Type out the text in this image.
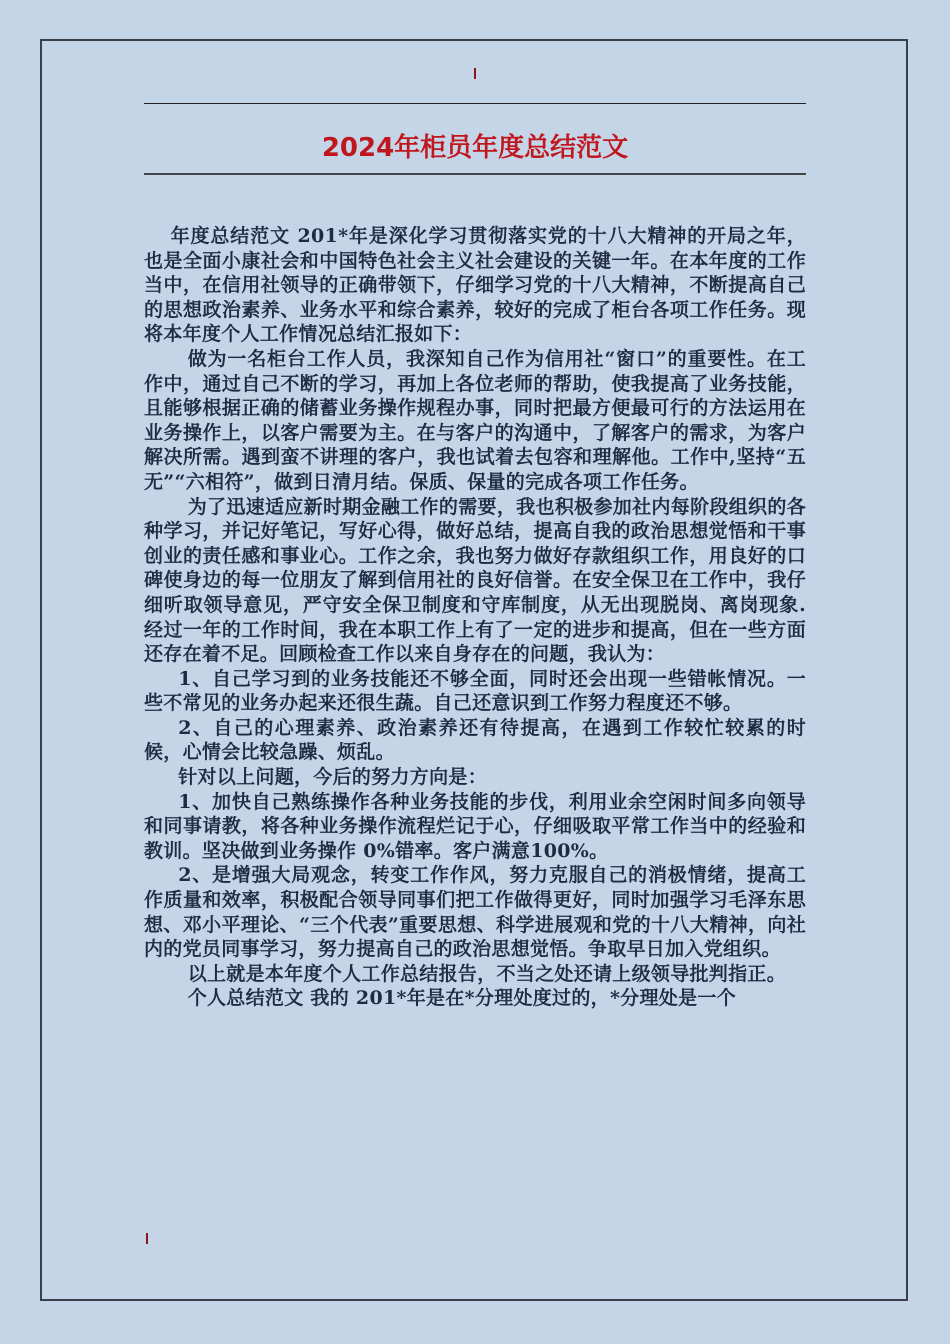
2024年柜员年度总结范文

年度总结范文 201*年是深化学习贯彻落实党的十八大精神的开局之年，也是全面小康社会和中国特色社会主义社会建设的关键一年。在本年度的工作当中，在信用社领导的正确带领下，仔细学习党的十八大精神，不断提高自己的思想政治素养、业务水平和综合素养，较好的完成了柜台各项工作任务。现将本年度个人工作情况总结汇报如下：

做为一名柜台工作人员，我深知自己作为信用社“窗口”的重要性。在工作中，通过自己不断的学习，再加上各位老师的帮助，使我提高了业务技能，且能够根据正确的储蓄业务操作规程办事，同时把最方便最可行的方法运用在业务操作上，以客户需要为主。在与客户的沟通中，了解客户的需求，为客户解决所需。遇到蛮不讲理的客户，我也试着去包容和理解他。工作中,坚持“五无”“六相符”，做到日清月结。保质、保量的完成各项工作任务。

为了迅速适应新时期金融工作的需要，我也积极参加社内每阶段组织的各种学习，并记好笔记，写好心得，做好总结，提高自我的政治思想觉悟和干事创业的责任感和事业心。工作之余，我也努力做好存款组织工作，用良好的口碑使身边的每一位朋友了解到信用社的良好信誉。在安全保卫在工作中，我仔细听取领导意见，严守安全保卫制度和守库制度，从无出现脱岗、离岗现象.经过一年的工作时间，我在本职工作上有了一定的进步和提高，但在一些方面还存在着不足。回顾检查工作以来自身存在的问题，我认为：

1、自己学习到的业务技能还不够全面，同时还会出现一些错帐情况。一些不常见的业务办起来还很生蔬。自己还意识到工作努力程度还不够。

2、自己的心理素养、政治素养还有待提高，在遇到工作较忙较累的时候，心情会比较急躁、烦乱。

针对以上问题，今后的努力方向是：

1、加快自己熟练操作各种业务技能的步伐，利用业余空闲时间多向领导和同事请教，将各种业务操作流程烂记于心，仔细吸取平常工作当中的经验和教训。坚决做到业务操作 0%错率。客户满意100%。

2、是增强大局观念，转变工作作风，努力克服自己的消极情绪，提高工作质量和效率，积极配合领导同事们把工作做得更好，同时加强学习毛泽东思想、邓小平理论、“三个代表”重要思想、科学进展观和党的十八大精神，向社内的党员同事学习，努力提高自己的政治思想觉悟。争取早日加入党组织。

以上就是本年度个人工作总结报告，不当之处还请上级领导批判指正。

个人总结范文 我的 201*年是在*分理处度过的，*分理处是一个
